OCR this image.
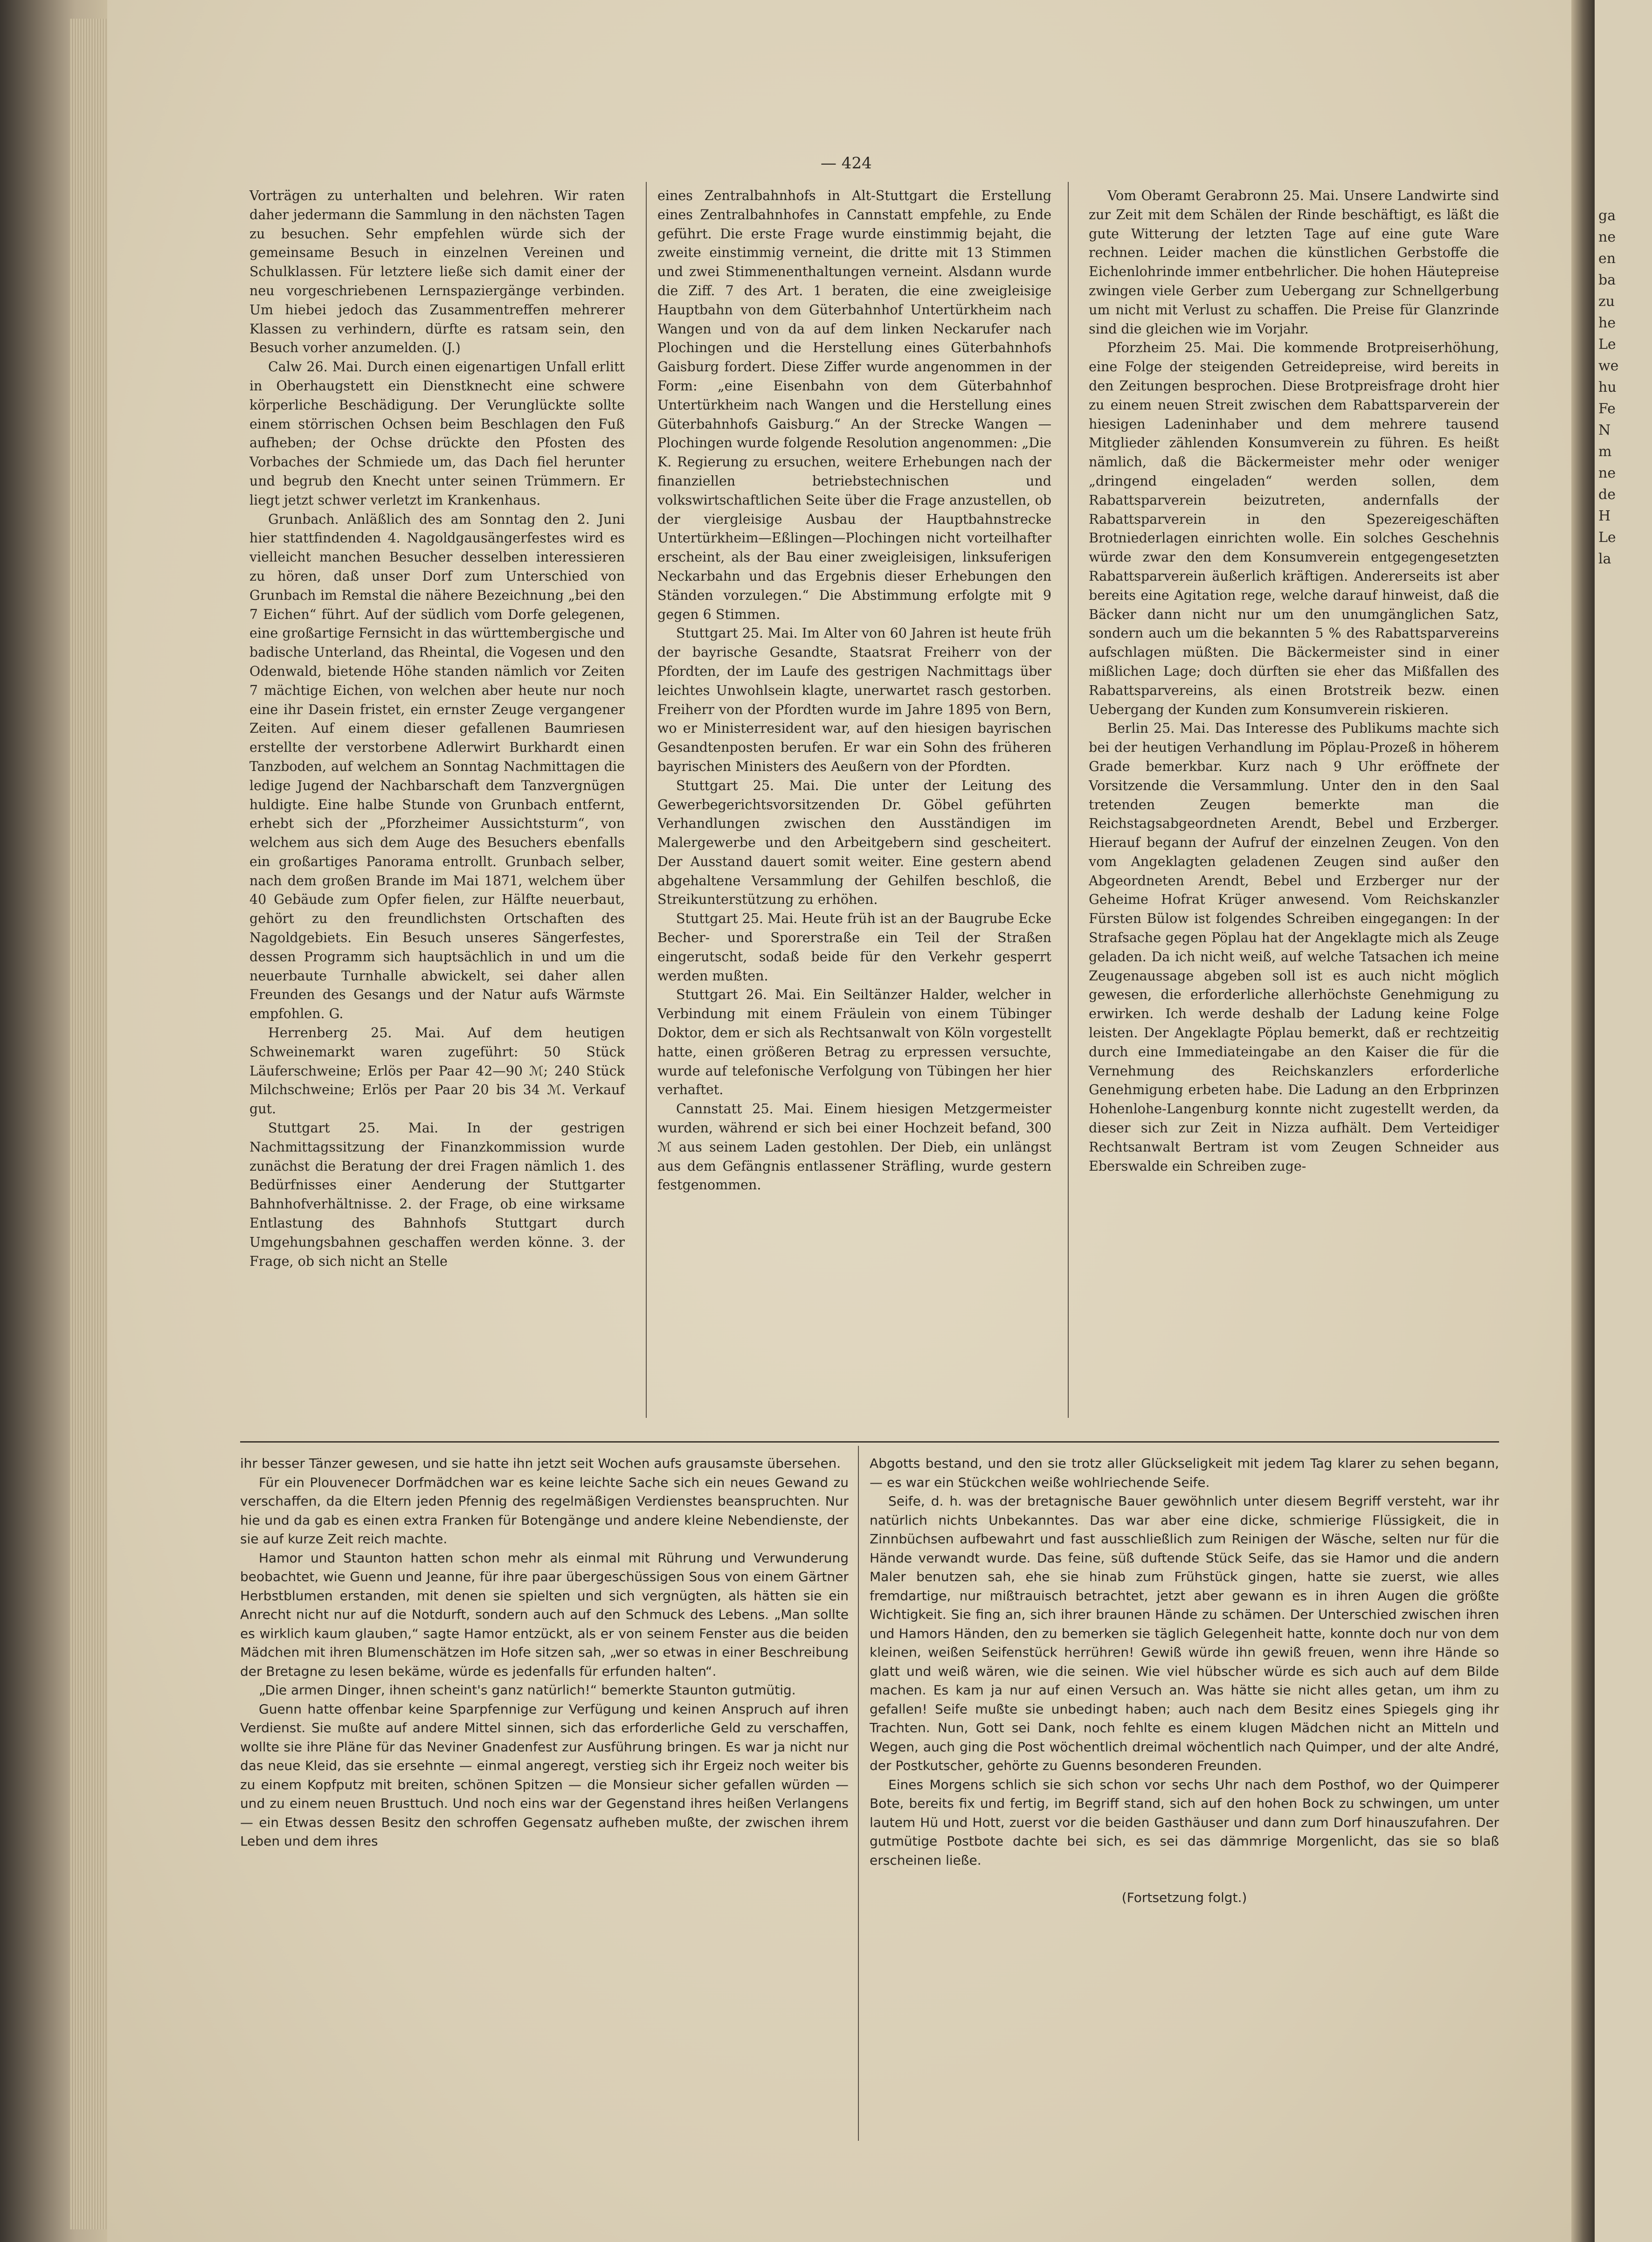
— 424

Vorträgen zu unterhalten und belehren. Wir raten daher jedermann die Sammlung in den nächsten Tagen zu besuchen. Sehr empfehlen würde sich der gemeinsame Besuch in einzelnen Vereinen und Schulklassen. Für letztere ließe sich damit einer der neu vorgeschriebenen Lernspaziergänge verbinden. Um hiebei jedoch das Zusammentreffen mehrerer Klassen zu verhindern, dürfte es ratsam sein, den Besuch vorher anzumelden. (J.)

Calw 26. Mai. Durch einen eigenartigen Unfall erlitt in Oberhaugstett ein Dienstknecht eine schwere körperliche Beschädigung. Der Verunglückte sollte einem störrischen Ochsen beim Beschlagen den Fuß aufheben; der Ochse drückte den Pfosten des Vorbaches der Schmiede um, das Dach fiel herunter und begrub den Knecht unter seinen Trümmern. Er liegt jetzt schwer verletzt im Krankenhaus.

Grunbach. Anläßlich des am Sonntag den 2. Juni hier stattfindenden 4. Nagoldgausängerfestes wird es vielleicht manchen Besucher desselben interessieren zu hören, daß unser Dorf zum Unterschied von Grunbach im Remstal die nähere Bezeichnung „bei den 7 Eichen“ führt. Auf der südlich vom Dorfe gelegenen, eine großartige Fernsicht in das württembergische und badische Unterland, das Rheintal, die Vogesen und den Odenwald, bietende Höhe standen nämlich vor Zeiten 7 mächtige Eichen, von welchen aber heute nur noch eine ihr Dasein fristet, ein ernster Zeuge vergangener Zeiten. Auf einem dieser gefallenen Baumriesen erstellte der verstorbene Adlerwirt Burkhardt einen Tanzboden, auf welchem an Sonntag Nachmittagen die ledige Jugend der Nachbarschaft dem Tanzvergnügen huldigte. Eine halbe Stunde von Grunbach entfernt, erhebt sich der „Pforzheimer Aussichtsturm“, von welchem aus sich dem Auge des Besuchers ebenfalls ein großartiges Panorama entrollt. Grunbach selber, nach dem großen Brande im Mai 1871, welchem über 40 Gebäude zum Opfer fielen, zur Hälfte neuerbaut, gehört zu den freundlichsten Ortschaften des Nagoldgebiets. Ein Besuch unseres Sängerfestes, dessen Programm sich hauptsächlich in und um die neuerbaute Turnhalle abwickelt, sei daher allen Freunden des Gesangs und der Natur aufs Wärmste empfohlen. G.

Herrenberg 25. Mai. Auf dem heutigen Schweinemarkt waren zugeführt: 50 Stück Läuferschweine; Erlös per Paar 42—90 ℳ; 240 Stück Milchschweine; Erlös per Paar 20 bis 34 ℳ. Verkauf gut.

Stuttgart 25. Mai. In der gestrigen Nachmittagssitzung der Finanzkommission wurde zunächst die Beratung der drei Fragen nämlich 1. des Bedürfnisses einer Aenderung der Stuttgarter Bahnhofverhältnisse. 2. der Frage, ob eine wirksame Entlastung des Bahnhofs Stuttgart durch Umgehungsbahnen geschaffen werden könne. 3. der Frage, ob sich nicht an Stelle

eines Zentralbahnhofs in Alt-Stuttgart die Erstellung eines Zentralbahnhofes in Cannstatt empfehle, zu Ende geführt. Die erste Frage wurde einstimmig bejaht, die zweite einstimmig verneint, die dritte mit 13 Stimmen und zwei Stimmenenthaltungen verneint. Alsdann wurde die Ziff. 7 des Art. 1 beraten, die eine zweigleisige Hauptbahn von dem Güterbahnhof Untertürkheim nach Wangen und von da auf dem linken Neckarufer nach Plochingen und die Herstellung eines Güterbahnhofs Gaisburg fordert. Diese Ziffer wurde angenommen in der Form: „eine Eisenbahn von dem Güterbahnhof Untertürkheim nach Wangen und die Herstellung eines Güterbahnhofs Gaisburg.“ An der Strecke Wangen —Plochingen wurde folgende Resolution angenommen: „Die K. Regierung zu ersuchen, weitere Erhebungen nach der finanziellen betriebstechnischen und volkswirtschaftlichen Seite über die Frage anzustellen, ob der viergleisige Ausbau der Hauptbahnstrecke Untertürkheim—Eßlingen—Plochingen nicht vorteilhafter erscheint, als der Bau einer zweigleisigen, linksuferigen Neckarbahn und das Ergebnis dieser Erhebungen den Ständen vorzulegen.“ Die Abstimmung erfolgte mit 9 gegen 6 Stimmen.

Stuttgart 25. Mai. Im Alter von 60 Jahren ist heute früh der bayrische Gesandte, Staatsrat Freiherr von der Pfordten, der im Laufe des gestrigen Nachmittags über leichtes Unwohlsein klagte, unerwartet rasch gestorben. Freiherr von der Pfordten wurde im Jahre 1895 von Bern, wo er Ministerresident war, auf den hiesigen bayrischen Gesandtenposten berufen. Er war ein Sohn des früheren bayrischen Ministers des Aeußern von der Pfordten.

Stuttgart 25. Mai. Die unter der Leitung des Gewerbegerichtsvorsitzenden Dr. Göbel geführten Verhandlungen zwischen den Ausständigen im Malergewerbe und den Arbeitgebern sind gescheitert. Der Ausstand dauert somit weiter. Eine gestern abend abgehaltene Versammlung der Gehilfen beschloß, die Streikunterstützung zu erhöhen.

Stuttgart 25. Mai. Heute früh ist an der Baugrube Ecke Becher- und Sporerstraße ein Teil der Straßen eingerutscht, sodaß beide für den Verkehr gesperrt werden mußten.

Stuttgart 26. Mai. Ein Seiltänzer Halder, welcher in Verbindung mit einem Fräulein von einem Tübinger Doktor, dem er sich als Rechtsanwalt von Köln vorgestellt hatte, einen größeren Betrag zu erpressen versuchte, wurde auf telefonische Verfolgung von Tübingen her hier verhaftet.

Cannstatt 25. Mai. Einem hiesigen Metzgermeister wurden, während er sich bei einer Hochzeit befand, 300 ℳ aus seinem Laden gestohlen. Der Dieb, ein unlängst aus dem Gefängnis entlassener Sträfling, wurde gestern festgenommen.

Vom Oberamt Gerabronn 25. Mai. Unsere Landwirte sind zur Zeit mit dem Schälen der Rinde beschäftigt, es läßt die gute Witterung der letzten Tage auf eine gute Ware rechnen. Leider machen die künstlichen Gerbstoffe die Eichenlohrinde immer entbehrlicher. Die hohen Häutepreise zwingen viele Gerber zum Uebergang zur Schnellgerbung um nicht mit Verlust zu schaffen. Die Preise für Glanzrinde sind die gleichen wie im Vorjahr.

Pforzheim 25. Mai. Die kommende Brotpreiserhöhung, eine Folge der steigenden Getreidepreise, wird bereits in den Zeitungen besprochen. Diese Brotpreisfrage droht hier zu einem neuen Streit zwischen dem Rabattsparverein der hiesigen Ladeninhaber und dem mehrere tausend Mitglieder zählenden Konsumverein zu führen. Es heißt nämlich, daß die Bäckermeister mehr oder weniger „dringend eingeladen“ werden sollen, dem Rabattsparverein beizutreten, andernfalls der Rabattsparverein in den Spezereigeschäften Brotniederlagen einrichten wolle. Ein solches Geschehnis würde zwar den dem Konsumverein entgegengesetzten Rabattsparverein äußerlich kräftigen. Andererseits ist aber bereits eine Agitation rege, welche darauf hinweist, daß die Bäcker dann nicht nur um den unumgänglichen Satz, sondern auch um die bekannten 5 % des Rabattsparvereins aufschlagen müßten. Die Bäckermeister sind in einer mißlichen Lage; doch dürften sie eher das Mißfallen des Rabattsparvereins, als einen Brotstreik bezw. einen Uebergang der Kunden zum Konsumverein riskieren.

Berlin 25. Mai. Das Interesse des Publikums machte sich bei der heutigen Verhandlung im Pöplau-Prozeß in höherem Grade bemerkbar. Kurz nach 9 Uhr eröffnete der Vorsitzende die Versammlung. Unter den in den Saal tretenden Zeugen bemerkte man die Reichstagsabgeordneten Arendt, Bebel und Erzberger. Hierauf begann der Aufruf der einzelnen Zeugen. Von den vom Angeklagten geladenen Zeugen sind außer den Abgeordneten Arendt, Bebel und Erzberger nur der Geheime Hofrat Krüger anwesend. Vom Reichskanzler Fürsten Bülow ist folgendes Schreiben eingegangen: In der Strafsache gegen Pöplau hat der Angeklagte mich als Zeuge geladen. Da ich nicht weiß, auf welche Tatsachen ich meine Zeugenaussage abgeben soll ist es auch nicht möglich gewesen, die erforderliche allerhöchste Genehmigung zu erwirken. Ich werde deshalb der Ladung keine Folge leisten. Der Angeklagte Pöplau bemerkt, daß er rechtzeitig durch eine Immediateingabe an den Kaiser die für die Vernehmung des Reichskanzlers erforderliche Genehmigung erbeten habe. Die Ladung an den Erbprinzen Hohenlohe-Langenburg konnte nicht zugestellt werden, da dieser sich zur Zeit in Nizza aufhält. Dem Verteidiger Rechtsanwalt Bertram ist vom Zeugen Schneider aus Eberswalde ein Schreiben zuge-

ihr besser Tänzer gewesen, und sie hatte ihn jetzt seit Wochen aufs grausamste übersehen.

Für ein Plouvenecer Dorfmädchen war es keine leichte Sache sich ein neues Gewand zu verschaffen, da die Eltern jeden Pfennig des regelmäßigen Verdienstes beanspruchten. Nur hie und da gab es einen extra Franken für Botengänge und andere kleine Nebendienste, der sie auf kurze Zeit reich machte.

Hamor und Staunton hatten schon mehr als einmal mit Rührung und Verwunderung beobachtet, wie Guenn und Jeanne, für ihre paar übergeschüssigen Sous von einem Gärtner Herbstblumen erstanden, mit denen sie spielten und sich vergnügten, als hätten sie ein Anrecht nicht nur auf die Notdurft, sondern auch auf den Schmuck des Lebens. „Man sollte es wirklich kaum glauben,“ sagte Hamor entzückt, als er von seinem Fenster aus die beiden Mädchen mit ihren Blumenschätzen im Hofe sitzen sah, „wer so etwas in einer Beschreibung der Bretagne zu lesen bekäme, würde es jedenfalls für erfunden halten“.

„Die armen Dinger, ihnen scheint's ganz natürlich!“ bemerkte Staunton gutmütig.

Guenn hatte offenbar keine Sparpfennige zur Verfügung und keinen Anspruch auf ihren Verdienst. Sie mußte auf andere Mittel sinnen, sich das erforderliche Geld zu verschaffen, wollte sie ihre Pläne für das Neviner Gnadenfest zur Ausführung bringen. Es war ja nicht nur das neue Kleid, das sie ersehnte — einmal angeregt, verstieg sich ihr Ergeiz noch weiter bis zu einem Kopfputz mit breiten, schönen Spitzen — die Monsieur sicher gefallen würden — und zu einem neuen Brusttuch. Und noch eins war der Gegenstand ihres heißen Verlangens — ein Etwas dessen Besitz den schroffen Gegensatz aufheben mußte, der zwischen ihrem Leben und dem ihres

Abgotts bestand, und den sie trotz aller Glückseligkeit mit jedem Tag klarer zu sehen begann, — es war ein Stückchen weiße wohlriechende Seife.

Seife, d. h. was der bretagnische Bauer gewöhnlich unter diesem Begriff versteht, war ihr natürlich nichts Unbekanntes. Das war aber eine dicke, schmierige Flüssigkeit, die in Zinnbüchsen aufbewahrt und fast ausschließlich zum Reinigen der Wäsche, selten nur für die Hände verwandt wurde. Das feine, süß duftende Stück Seife, das sie Hamor und die andern Maler benutzen sah, ehe sie hinab zum Frühstück gingen, hatte sie zuerst, wie alles fremdartige, nur mißtrauisch betrachtet, jetzt aber gewann es in ihren Augen die größte Wichtigkeit. Sie fing an, sich ihrer braunen Hände zu schämen. Der Unterschied zwischen ihren und Hamors Händen, den zu bemerken sie täglich Gelegenheit hatte, konnte doch nur von dem kleinen, weißen Seifenstück herrühren! Gewiß würde ihn gewiß freuen, wenn ihre Hände so glatt und weiß wären, wie die seinen. Wie viel hübscher würde es sich auch auf dem Bilde machen. Es kam ja nur auf einen Versuch an. Was hätte sie nicht alles getan, um ihm zu gefallen! Seife mußte sie unbedingt haben; auch nach dem Besitz eines Spiegels ging ihr Trachten. Nun, Gott sei Dank, noch fehlte es einem klugen Mädchen nicht an Mitteln und Wegen, auch ging die Post wöchentlich dreimal wöchentlich nach Quimper, und der alte André, der Postkutscher, gehörte zu Guenns besonderen Freunden.

Eines Morgens schlich sie sich schon vor sechs Uhr nach dem Posthof, wo der Quimperer Bote, bereits fix und fertig, im Begriff stand, sich auf den hohen Bock zu schwingen, um unter lautem Hü und Hott, zuerst vor die beiden Gasthäuser und dann zum Dorf hinauszufahren. Der gutmütige Postbote dachte bei sich, es sei das dämmrige Morgenlicht, das sie so blaß erscheinen ließe.

(Fortsetzung folgt.)

ga
ne
en
ba
zu
he
Le
we
hu
Fe
N
m
ne
de
H
Le
la
